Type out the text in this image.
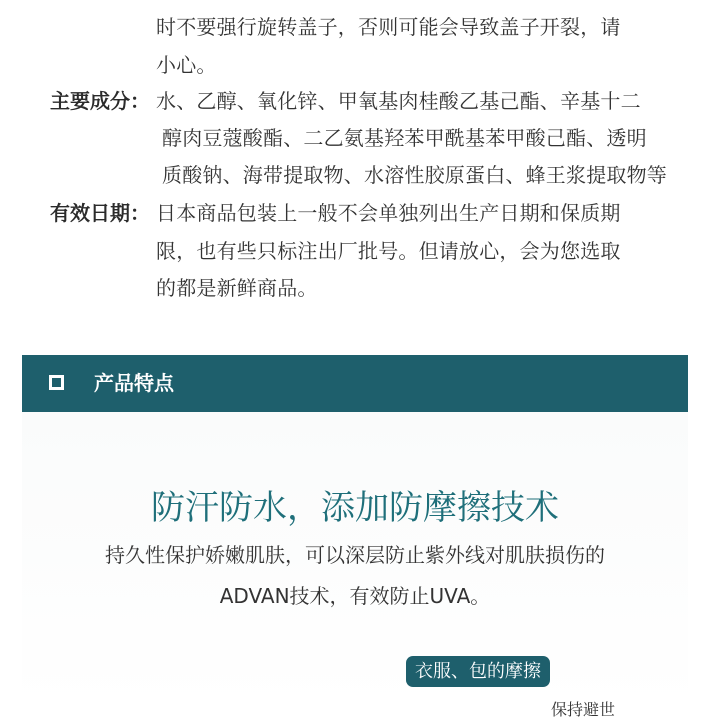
时不要强行旋转盖子，否则可能会导致盖子开裂，请
小心。
主要成分： 水、乙醇、氧化锌、甲氧基肉桂酸乙基己酯、辛基十二
醇肉豆蔻酸酯、二乙氨基羟苯甲酰基苯甲酸己酯、透明
质酸钠、海带提取物、水溶性胶原蛋白、蜂王浆提取物等
有效日期： 日本商品包装上一般不会单独列出生产日期和保质期
限，也有些只标注出厂批号。但请放心，会为您选取
的都是新鲜商品。
产品特点
防汗防水，添加防摩擦技术
持久性保护娇嫩肌肤，可以深层防止紫外线对肌肤损伤的
ADVAN技术，有效防止UVA。
衣服、包的摩擦
保持避世
